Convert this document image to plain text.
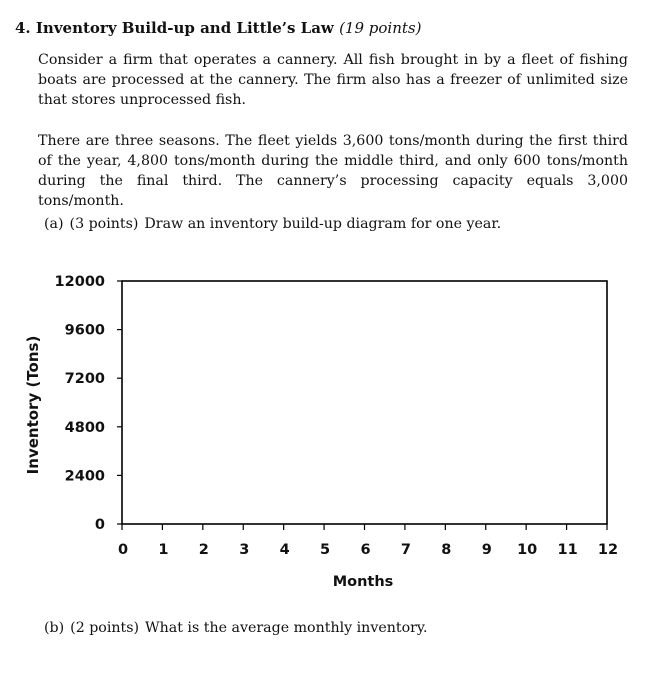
4. Inventory Build-up and Little’s Law (19 points)
Consider a firm that operates a cannery. All fish brought in by a fleet of fishing boats are processed at the cannery. The firm also has a freezer of unlimited size that stores unprocessed fish.
There are three seasons. The fleet yields 3,600 tons/month during the first third of the year, 4,800 tons/month during the middle third, and only 600 tons/month during the final third. The cannery’s processing capacity equals 3,000 tons/month.
(a) (3 points) Draw an inventory build-up diagram for one year.
0
2400
4800
7200
9600
12000
0 1 2 3 4 5 6 7 8 9 10 11 12
Inventory (Tons)
Months
(b) (2 points) What is the average monthly inventory.
